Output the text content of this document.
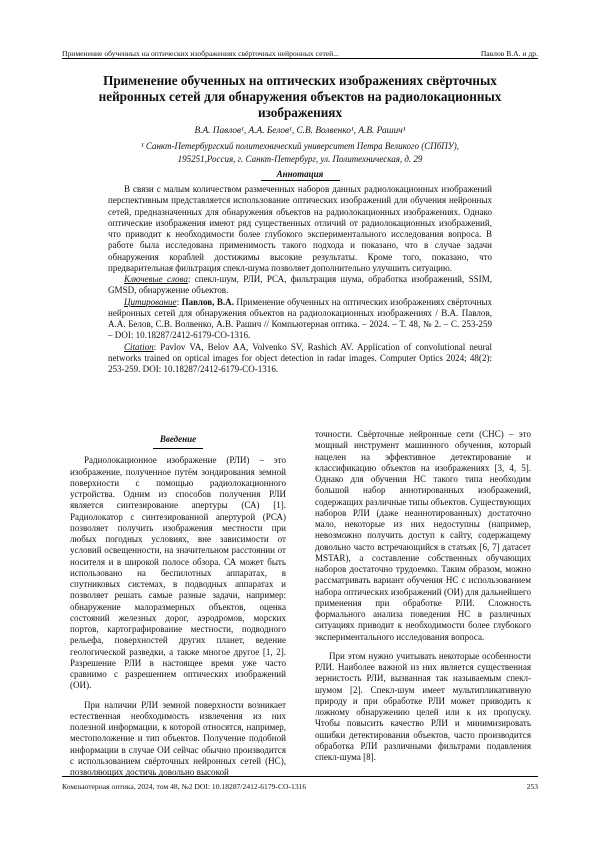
Применение обученных на оптических изображениях свёрточных нейронных сетей...	Павлов В.А. и др.
Применение обученных на оптических изображениях свёрточных нейронных сетей для обнаружения объектов на радиолокационных изображениях
В.А. Павлов¹, А.А. Белов¹, С.В. Волвенко¹, А.В. Рашич¹
¹ Санкт-Петербургский политехнический университет Петра Великого (СПбПУ),
195251,Россия, г. Санкт-Петербург, ул. Политехническая, д. 29
Аннотация

В связи с малым количеством размеченных наборов данных радиолокационных изображений перспективным представляется использование оптических изображений для обучения нейронных сетей, предназначенных для обнаружения объектов на радиолокационных изображениях. Однако оптические изображения имеют ряд существенных отличий от радиолокационных изображений, что приводит к необходимости более глубокого экспериментального исследования вопроса. В работе была исследована применимость такого подхода и показано, что в случае задачи обнаружения кораблей достижимы высокие результаты. Кроме того, показано, что предварительная фильтрация спекл-шума позволяет дополнительно улучшить ситуацию.

Ключевые слова: спекл-шум, РЛИ, РСА, фильтрация шума, обработка изображений, SSIM, GMSD, обнаружение объектов.

Цитирование: Павлов, В.А. Применение обученных на оптических изображениях свёрточных нейронных сетей для обнаружения объектов на радиолокационных изображениях / В.А. Павлов, А.А. Белов, С.В. Волвенко, А.В. Рашич // Компьютерная оптика. – 2024. – Т. 48, № 2. – С. 253-259 – DOI: 10.18287/2412-6179-CO-1316.

Citation: Pavlov VA, Belov AA, Volvenko SV, Rashich AV. Application of convolutional neural networks trained on optical images for object detection in radar images. Computer Optics 2024; 48(2): 253-259. DOI: 10.18287/2412-6179-CO-1316.

Введение

Радиолокационное изображение (РЛИ) – это изображение, полученное путём зондирования земной поверхности с помощью радиолокационного устройства. Одним из способов получения РЛИ является синтезирование апертуры (СА) [1]. Радиолокатор с синтезированной апертурой (РСА) позволяет получить изображения местности при любых погодных условиях, вне зависимости от условий освещенности, на значительном расстоянии от носителя и в широкой полосе обзора. СА может быть использовано на беспилотных аппаратах, в спутниковых системах, в подводных аппаратах и позволяет решать самые разные задачи, например: обнаружение малоразмерных объектов, оценка состояний железных дорог, аэродромов, морских портов, картографирование местности, подводного рельефа, поверхностей других планет, ведение геологической разведки, а также многое другое [1, 2]. Разрешение РЛИ в настоящее время уже часто сравнимо с разрешением оптических изображений (ОИ).

При наличии РЛИ земной поверхности возникает естественная необходимость извлечения из них полезной информации, к которой относятся, например, местоположение и тип объектов. Получение подобной информации в случае ОИ сейчас обычно производится с использованием свёрточных нейронных сетей (НС), позволяющих достичь довольно высокой

точности. Свёрточные нейронные сети (СНС) – это мощный инструмент машинного обучения, который нацелен на эффективное детектирование и классификацию объектов на изображениях [3, 4, 5]. Однако для обучения НС такого типа необходим большой набор аннотированных изображений, содержащих различные типы объектов. Существующих наборов РЛИ (даже неаннотированных) достаточно мало, некоторые из них недоступны (например, невозможно получить доступ к сайту, содержащему довольно часто встречающийся в статьях [6, 7] датасет MSTAR), а составление собственных обучающих наборов достаточно трудоемко. Таким образом, можно рассматривать вариант обучения НС с использованием набора оптических изображений (ОИ) для дальнейшего применения при обработке РЛИ. Сложность формального анализа поведения НС в различных ситуациях приводит к необходимости более глубокого экспериментального исследования вопроса.

При этом нужно учитывать некоторые особенности РЛИ. Наиболее важной из них является существенная зернистость РЛИ, вызванная так называемым спекл-шумом [2]. Спекл-шум имеет мультипликативную природу и при обработке РЛИ может приводить к ложному обнаружению целей или к их пропуску. Чтобы повысить качество РЛИ и минимизировать ошибки детектирования объектов, часто производится обработка РЛИ различными фильтрами подавления спекл-шума [8].

Компьютерная оптика, 2024, том 48, №2 DOI: 10.18287/2412-6179-CO-1316	253
